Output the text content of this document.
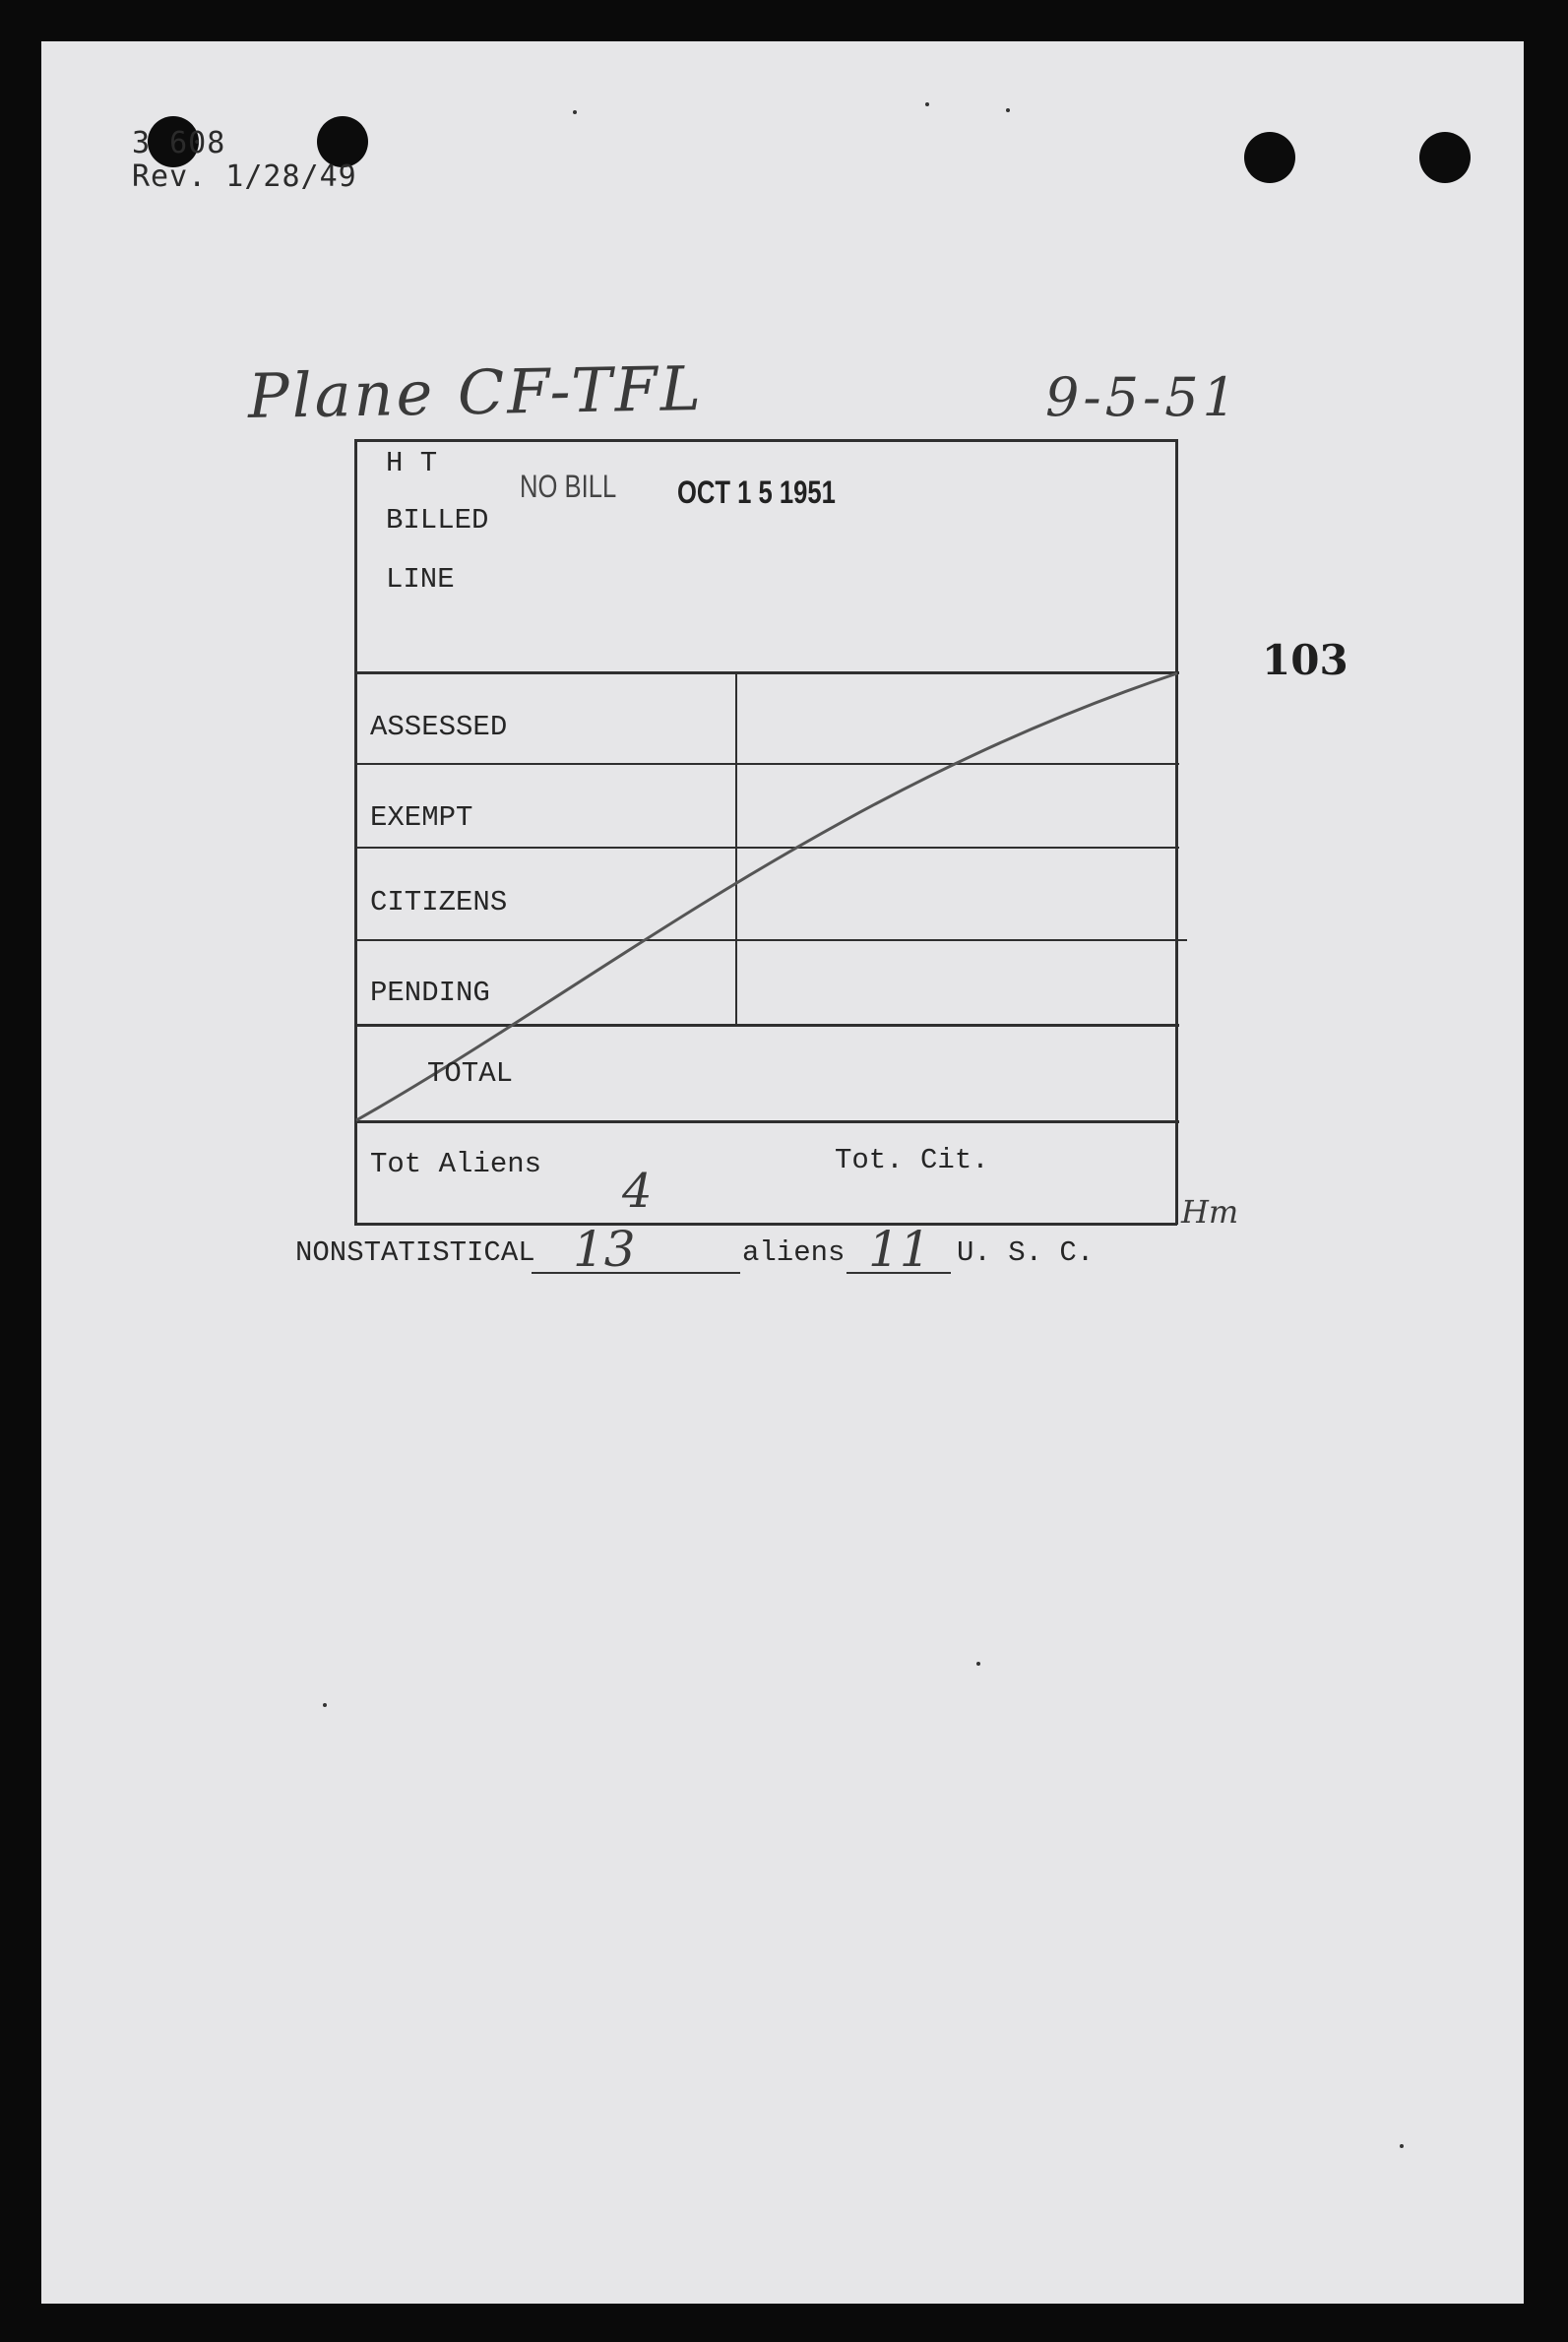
3 608
Rev. 1/28/49
Plane CF-TFL	9-5-51
103
H T
BILLED
LINE
NO BILL OCT 1 5 1951
ASSESSED
EXEMPT
CITIZENS
PENDING
TOTAL
Tot Aliens	Tot. Cit.
4	Hm
NONSTATISTICAL 13	aliens 11 U. S. C.
